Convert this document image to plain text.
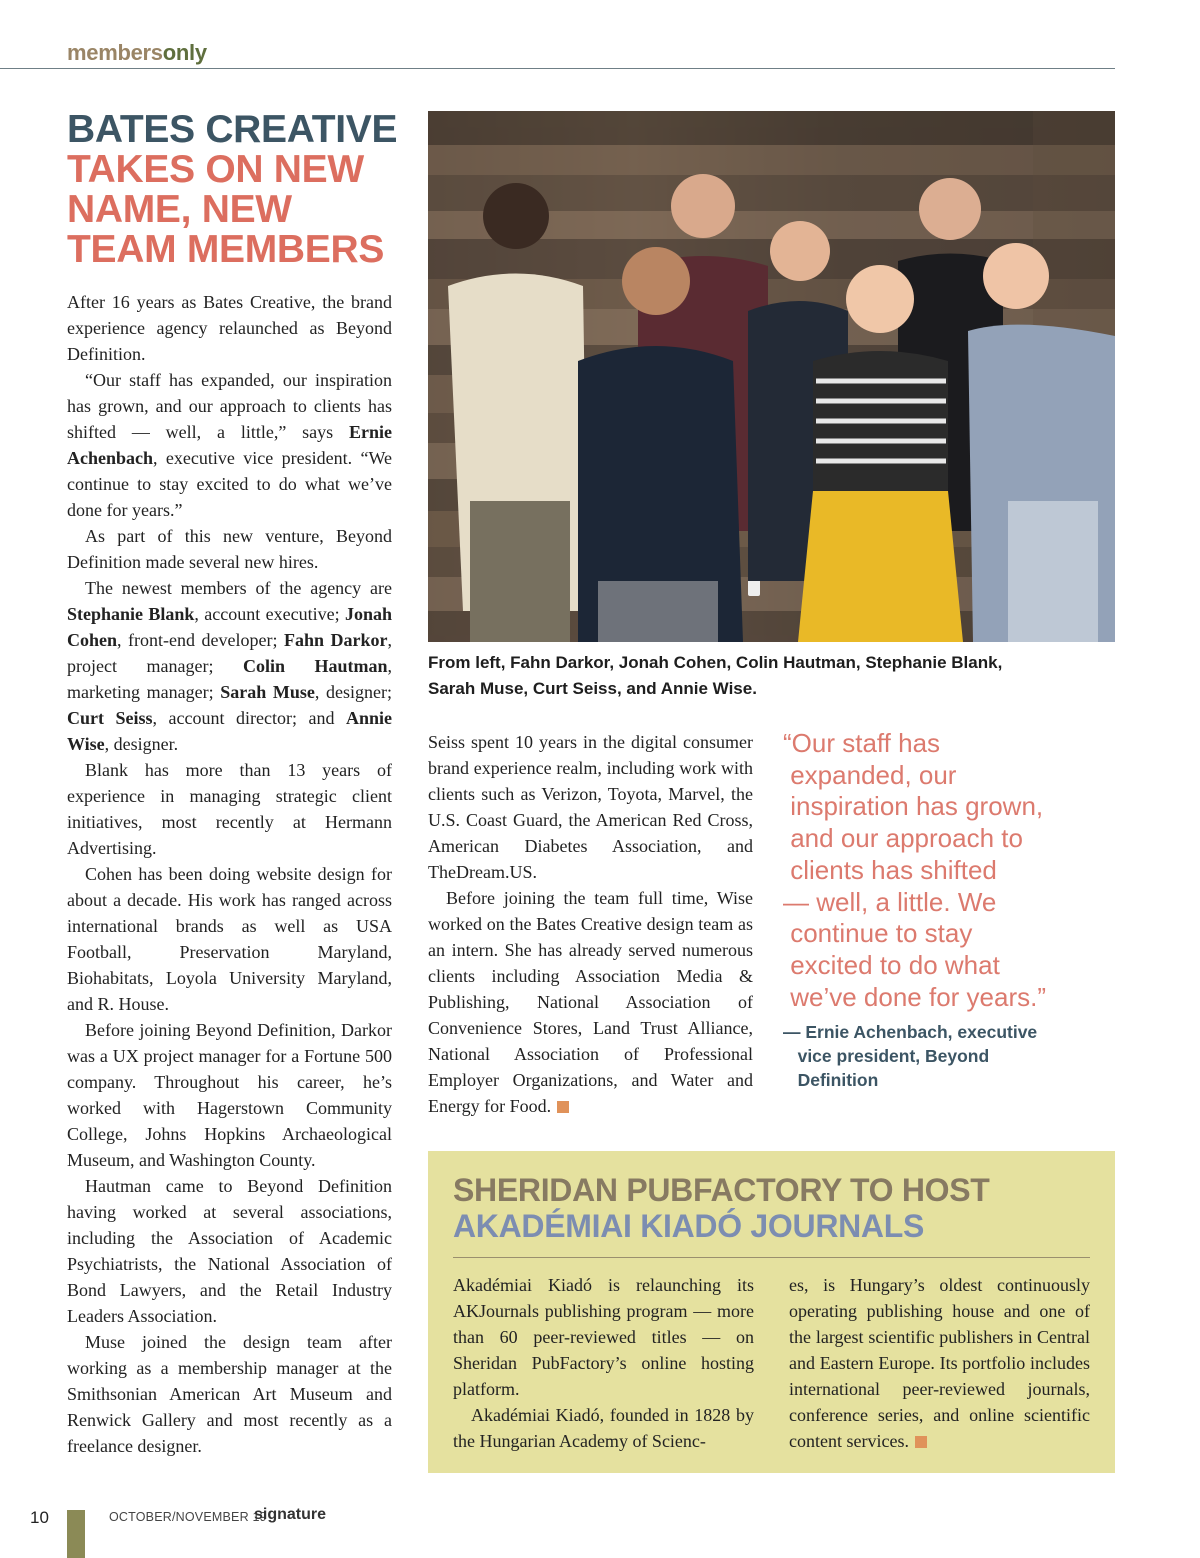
membersonly
BATES CREATIVE
TAKES ON NEW NAME, NEW TEAM MEMBERS

After 16 years as Bates Creative, the brand experience agency relaunched as Beyond Definition.

“Our staff has expanded, our inspiration has grown, and our approach to clients has shifted — well, a little,” says Ernie Achenbach, executive vice president. “We continue to stay excited to do what we’ve done for years.”

As part of this new venture, Beyond Definition made several new hires.

The newest members of the agency are Stephanie Blank, account executive; Jonah Cohen, front-end developer; Fahn Darkor, project manager; Colin Hautman, marketing manager; Sarah Muse, designer; Curt Seiss, account director; and Annie Wise, designer.

Blank has more than 13 years of experience in managing strategic client initiatives, most recently at Hermann Advertising.

Cohen has been doing website design for about a decade. His work has ranged across international brands as well as USA Football, Preservation Maryland, Biohabitats, Loyola University Maryland, and R. House.

Before joining Beyond Definition, Darkor was a UX project manager for a Fortune 500 company. Throughout his career, he’s worked with Hagerstown Community College, Johns Hopkins Archaeological Museum, and Washington County.

Hautman came to Beyond Definition having worked at several associations, including the Association of Academic Psychiatrists, the National Association of Bond Lawyers, and the Retail Industry Leaders Association.

Muse joined the design team after working as a membership manager at the Smithsonian American Art Museum and Renwick Gallery and most recently as a freelance designer.

From left, Fahn Darkor, Jonah Cohen, Colin Hautman, Stephanie Blank, Sarah Muse, Curt Seiss, and Annie Wise.

Seiss spent 10 years in the digital consumer brand experience realm, including work with clients such as Verizon, Toyota, Marvel, the U.S. Coast Guard, the American Red Cross, American Diabetes Association, and TheDream.US.

Before joining the team full time, Wise worked on the Bates Creative design team as an intern. She has already served numerous clients including Association Media & Publishing, National Association of Convenience Stores, Land Trust Alliance, National Association of Professional Employer Organizations, and Water and Energy for Food.

“Our staff has
expanded, our
inspiration has grown,
and our approach to
clients has shifted
— well, a little. We
continue to stay
excited to do what
we’ve done for years.”
— Ernie Achenbach, executive
vice president, Beyond
Definition
SHERIDAN PUBFACTORY TO HOST
AKADÉMIAI KIADÓ JOURNALS

Akadémiai Kiadó is relaunching its AKJournals publishing program — more than 60 peer-reviewed titles — on Sheridan PubFactory’s online hosting platform.

Akadémiai Kiadó, founded in 1828 by the Hungarian Academy of Scienc-

es, is Hungary’s oldest continuously operating publishing house and one of the largest scientific publishers in Central and Eastern Europe. Its portfolio includes international peer-reviewed journals, conference series, and online scientific content services.

10	OCTOBER/NOVEMBER 19
signature
